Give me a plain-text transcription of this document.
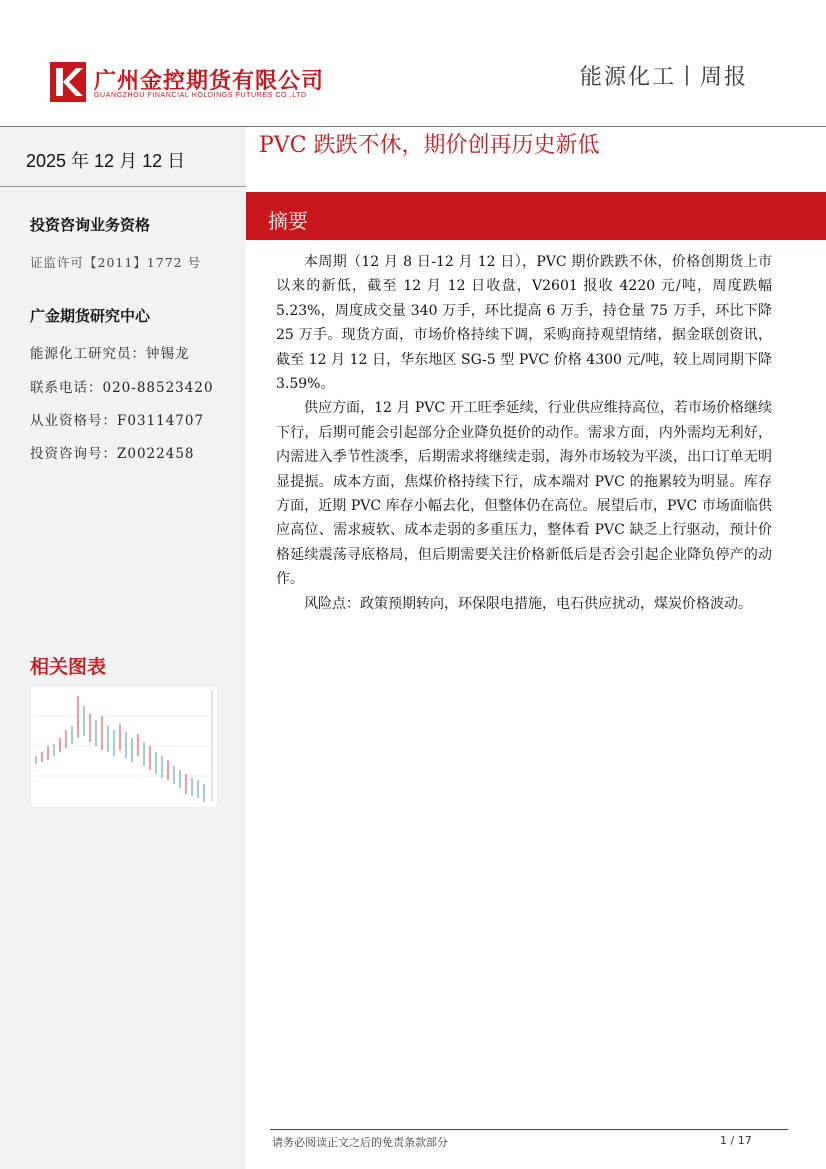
广州金控期货有限公司
GUANGZHOU FINANCIAL HOLDINGS FUTURES CO.,LTD
能源化工丨周报
2025 年 12 月 12 日
投资咨询业务资格
证监许可【2011】1772 号
广金期货研究中心
能源化工研究员：钟锡龙
联系电话：020-88523420
从业资格号：F03114707
投资咨询号：Z0022458
相关图表
PVC 跌跌不休，期价创再历史新低
摘要

本周期（12 月 8 日-12 月 12 日），PVC 期价跌跌不休，价格创期货上市以来的新低，截至 12 月 12 日收盘，V2601 报收 4220 元/吨，周度跌幅 5.23%，周度成交量 340 万手，环比提高 6 万手，持仓量 75 万手，环比下降 25 万手。现货方面，市场价格持续下调，采购商持观望情绪，据金联创资讯，截至 12 月 12 日，华东地区 SG-5 型 PVC 价格 4300 元/吨，较上周同期下降 3.59%。

供应方面，12 月 PVC 开工旺季延续，行业供应维持高位，若市场价格继续下行，后期可能会引起部分企业降负挺价的动作。需求方面，内外需均无利好，内需进入季节性淡季，后期需求将继续走弱，海外市场较为平淡，出口订单无明显提振。成本方面，焦煤价格持续下行，成本端对 PVC 的拖累较为明显。库存方面，近期 PVC 库存小幅去化，但整体仍在高位。展望后市，PVC 市场面临供应高位、需求疲软、成本走弱的多重压力，整体看 PVC 缺乏上行驱动，预计价格延续震荡寻底格局，但后期需要关注价格新低后是否会引起企业降负停产的动作。

风险点：政策预期转向，环保限电措施，电石供应扰动，煤炭价格波动。

请务必阅读正文之后的免责条款部分	1 / 17
